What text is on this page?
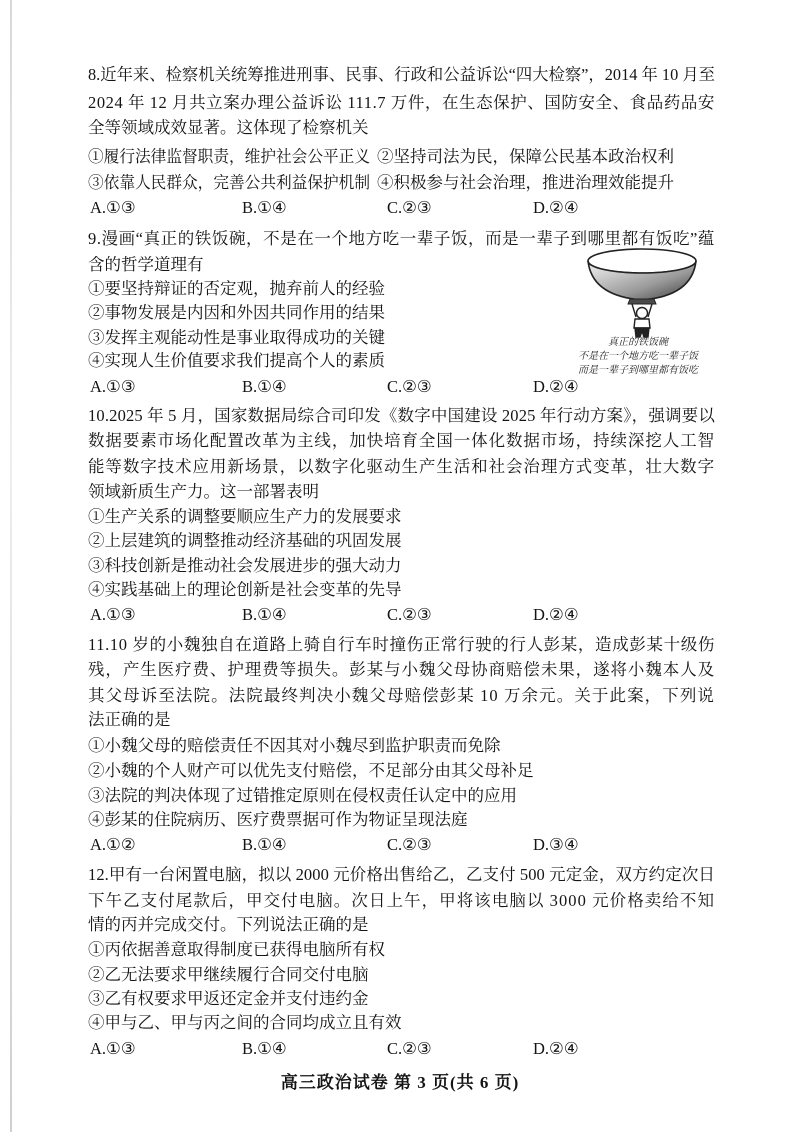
8.近年来、检察机关统筹推进刑事、民事、行政和公益诉讼“四大检察”，2014 年 10 月至
2024 年 12 月共立案办理公益诉讼 111.7 万件，在生态保护、国防安全、食品药品安
全等领域成效显著。这体现了检察机关
①履行法律监督职责，维护社会公平正义 ②坚持司法为民，保障公民基本政治权利
③依靠人民群众，完善公共利益保护机制 ④积极参与社会治理，推进治理效能提升
A.①③	B.①④	C.②③	D.②④
9.漫画“真正的铁饭碗，不是在一个地方吃一辈子饭，而是一辈子到哪里都有饭吃”蕴
含的哲学道理有
①要坚持辩证的否定观，抛弃前人的经验
②事物发展是内因和外因共同作用的结果
③发挥主观能动性是事业取得成功的关键
④实现人生价值要求我们提高个人的素质
A.①③	B.①④	C.②③	D.②④
真正的铁饭碗
不是在一个地方吃一辈子饭
而是一辈子到哪里都有饭吃
10.2025 年 5 月，国家数据局综合司印发《数字中国建设 2025 年行动方案》，强调要以
数据要素市场化配置改革为主线，加快培育全国一体化数据市场，持续深挖人工智
能等数字技术应用新场景，以数字化驱动生产生活和社会治理方式变革，壮大数字
领域新质生产力。这一部署表明
①生产关系的调整要顺应生产力的发展要求
②上层建筑的调整推动经济基础的巩固发展
③科技创新是推动社会发展进步的强大动力
④实践基础上的理论创新是社会变革的先导
A.①③	B.①④	C.②③	D.②④
11.10 岁的小魏独自在道路上骑自行车时撞伤正常行驶的行人彭某，造成彭某十级伤
残，产生医疗费、护理费等损失。彭某与小魏父母协商赔偿未果，遂将小魏本人及
其父母诉至法院。法院最终判决小魏父母赔偿彭某 10 万余元。关于此案，下列说
法正确的是
①小魏父母的赔偿责任不因其对小魏尽到监护职责而免除
②小魏的个人财产可以优先支付赔偿，不足部分由其父母补足
③法院的判决体现了过错推定原则在侵权责任认定中的应用
④彭某的住院病历、医疗费票据可作为物证呈现法庭
A.①②	B.①④	C.②③	D.③④
12.甲有一台闲置电脑，拟以 2000 元价格出售给乙，乙支付 500 元定金，双方约定次日
下午乙支付尾款后，甲交付电脑。次日上午，甲将该电脑以 3000 元价格卖给不知
情的丙并完成交付。下列说法正确的是
①丙依据善意取得制度已获得电脑所有权
②乙无法要求甲继续履行合同交付电脑
③乙有权要求甲返还定金并支付违约金
④甲与乙、甲与丙之间的合同均成立且有效
A.①③	B.①④	C.②③	D.②④
高三政治试卷 第 3 页(共 6 页)
